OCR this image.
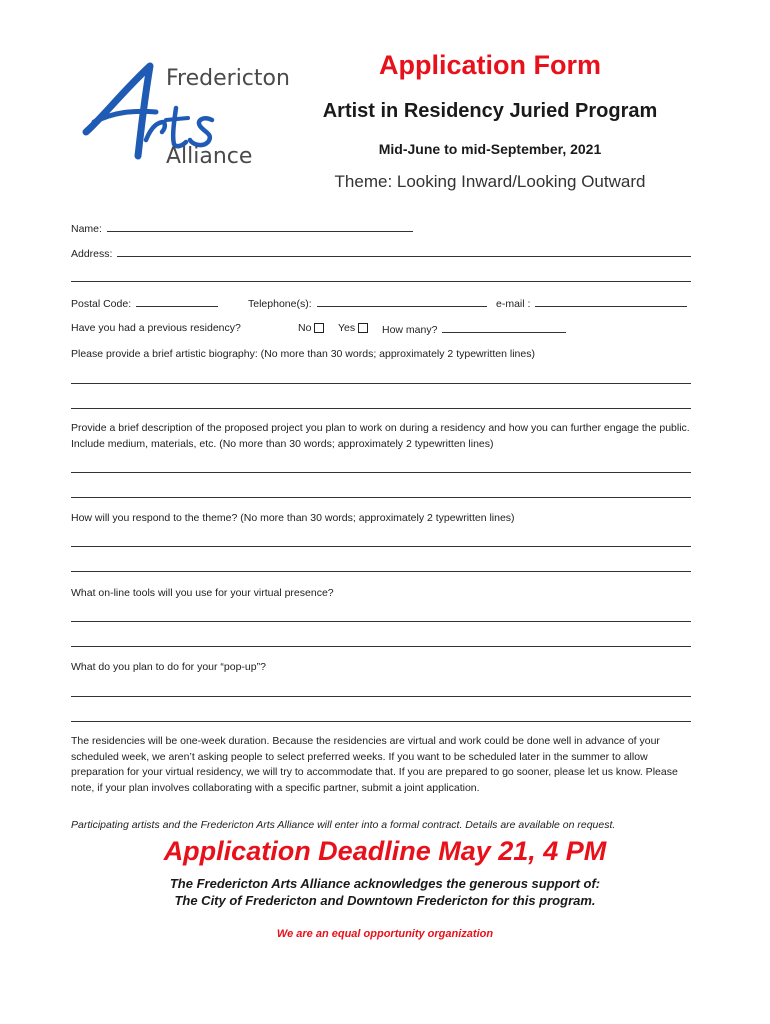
Fredericton
Alliance
Application Form
Artist in Residency Juried Program
Mid-June to mid-September, 2021
Theme: Looking Inward/Looking Outward
Name:
Address:
Postal Code:	Telephone(s):	e-mail :
Have you had a previous residency?	No	Yes	How many?
Please provide a brief artistic biography: (No more than 30 words; approximately 2 typewritten lines)
Provide a brief description of the proposed project you plan to work on during a residency and how you can further engage the public. Include medium, materials, etc. (No more than 30 words; approximately 2 typewritten lines)
How will you respond to the theme? (No more than 30 words; approximately 2 typewritten lines)
What on-line tools will you use for your virtual presence?
What do you plan to do for your “pop-up”?
The residencies will be one-week duration. Because the residencies are virtual and work could be done well in advance of your scheduled week, we aren’t asking people to select preferred weeks. If you want to be scheduled later in the summer to allow preparation for your virtual residency, we will try to accommodate that. If you are prepared to go sooner, please let us know. Please note, if your plan involves collaborating with a specific partner, submit a joint application.
Participating artists and the Fredericton Arts Alliance will enter into a formal contract. Details are available on request.
Application Deadline May 21, 4 PM
The Fredericton Arts Alliance acknowledges the generous support of:
The City of Fredericton and Downtown Fredericton for this program.
We are an equal opportunity organization
